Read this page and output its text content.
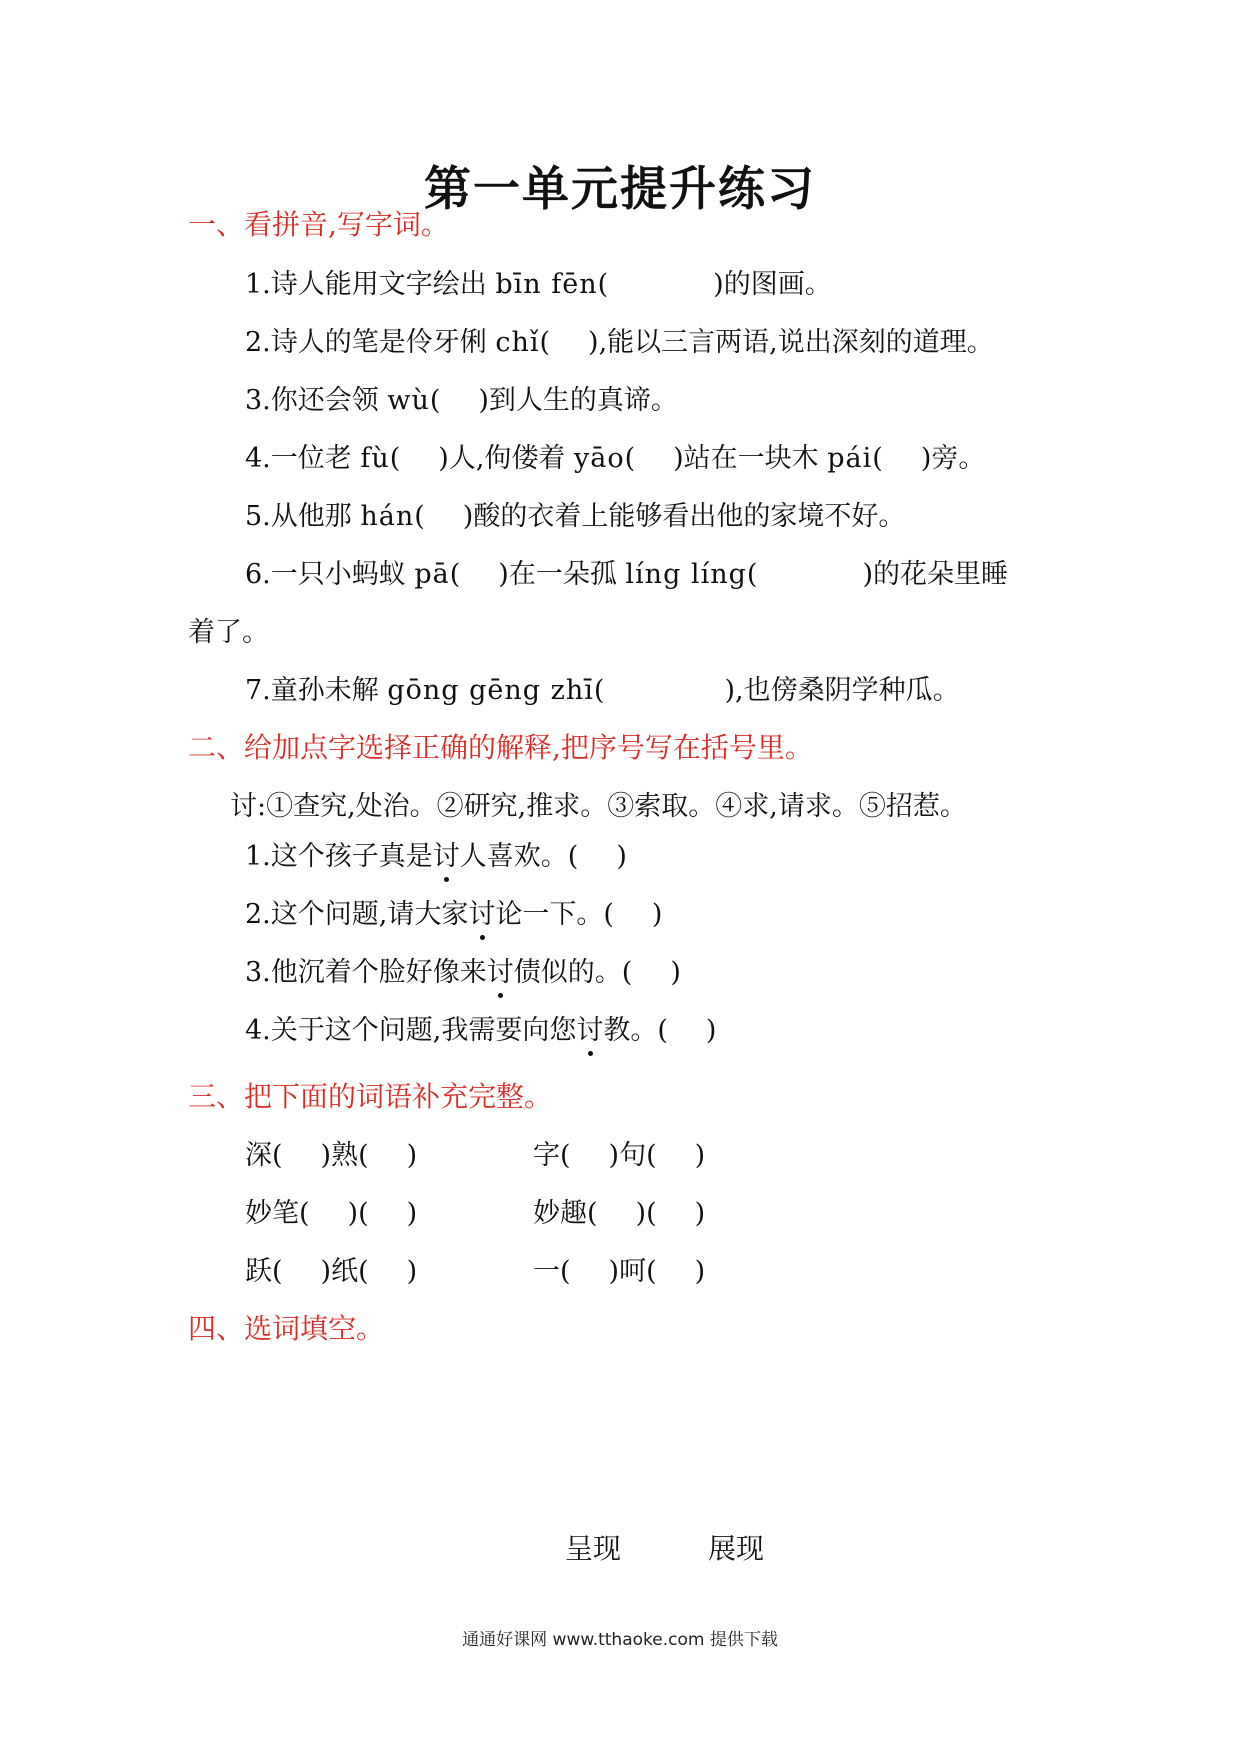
第一单元提升练习
一、看拼音,写字词。
1.诗人能用文字绘出 bīn fēn(	)的图画。
2.诗人的笔是伶牙俐 chǐ( ),能以三言两语,说出深刻的道理。
3.你还会领 wù( )到人生的真谛。
4.一位老 fù( )人,佝偻着 yāo( )站在一块木 pái( )旁。
5.从他那 hán( )酸的衣着上能够看出他的家境不好。
6.一只小蚂蚁 pā( )在一朵孤 líng líng(	)的花朵里睡
着了。
7.童孙未解 gōng gēng zhī(	),也傍桑阴学种瓜。
二、给加点字选择正确的解释,把序号写在括号里。
讨:①查究,处治。②研究,推求。③索取。④求,请求。⑤招惹。
1.这个孩子真是讨人喜欢。( )
2.这个问题,请大家讨论一下。( )
3.他沉着个脸好像来讨债似的。( )
4.关于这个问题,我需要向您讨教。( )
三、把下面的词语补充完整。
深( )熟( )	字( )句( )
妙笔( )( )	妙趣( )( )
跃( )纸( )	一( )呵( )
四、选词填空。
呈现	展现
通通好课网 www.tthaoke.com 提供下载
